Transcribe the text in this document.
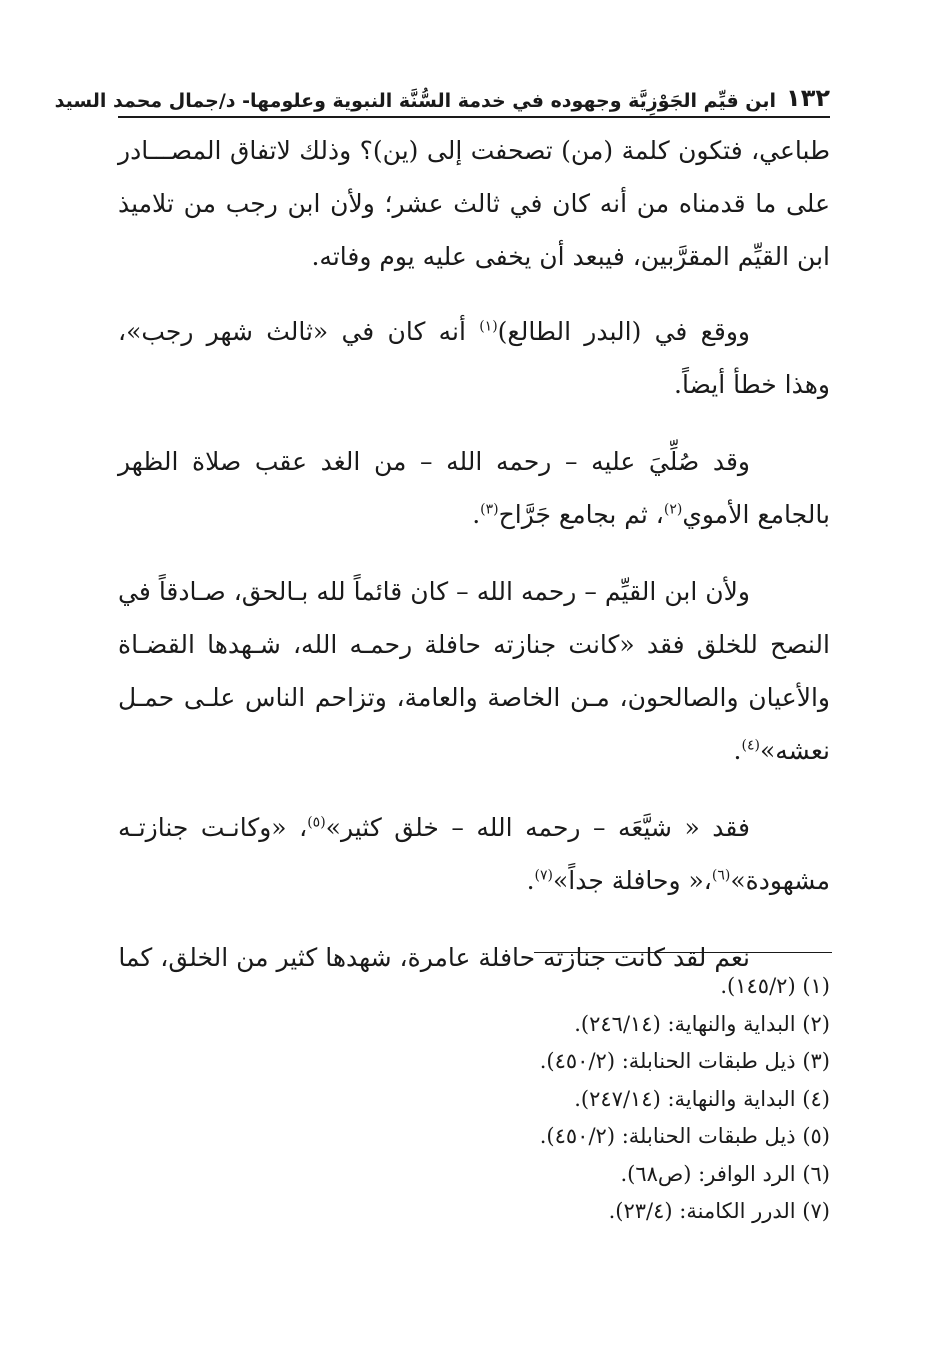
١٣٢
ابن قيِّم الجَوْزِيَّة وجهوده في خدمة السُّنَّة النبوية وعلومها- د/جمال محمد السيد

طباعي، فتكون كلمة (من) تصحفت إلى (ين)؟ وذلك لاتفاق المصـــادر على ما قدمناه من أنه كان في ثالث عشر؛ ولأن ابن رجب من تلاميذ ابن القيِّم المقرَّبين، فيبعد أن يخفى عليه يوم وفاته.

ووقع في (البدر الطالع)$^{(١)}$ أنه كان في «ثالث شهر رجب»، وهذا خطأ أيضاً.

وقد صُلِّيَ عليه – رحمه الله – من الغد عقب صلاة الظهر بالجامع الأموي$^{(٢)}$، ثم بجامع جَرَّاح$^{(٣)}$.

ولأن ابن القيِّم – رحمه الله – كان قائماً لله بـالحق، صـادقاً في النصح للخلق فقد «كانت جنازته حافلة رحمـه الله، شـهدها القضـاة والأعيان والصالحون، مـن الخاصة والعامة، وتزاحم الناس علـى حمـل نعشه»$^{(٤)}$.

فقد « شيَّعَه – رحمه الله – خلق كثير»$^{(٥)}$، «وكانـت جنازتـه مشهودة»$^{(٦)}$،« وحافلة جداً»$^{(٧)}$.

نعم لقد كانت جنازته حافلة عامرة، شهدها كثير من الخلق، كما

(١) (١٤٥/٢).
(٢) البداية والنهاية: (٢٤٦/١٤).
(٣) ذيل طبقات الحنابلة: (٤٥٠/٢).
(٤) البداية والنهاية: (٢٤٧/١٤).
(٥) ذيل طبقات الحنابلة: (٤٥٠/٢).
(٦) الرد الوافر: (ص٦٨).
(٧) الدرر الكامنة: (٢٣/٤).
